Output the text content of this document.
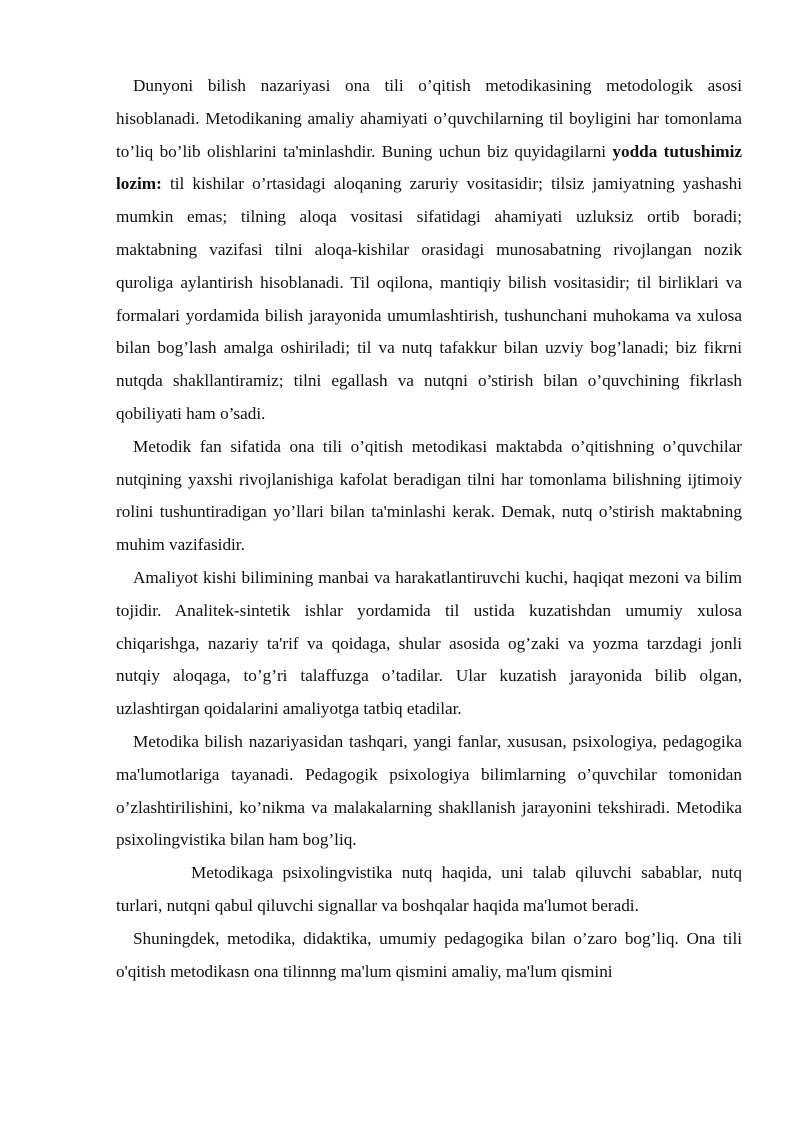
Dunyoni bilish nazariyasi ona tili o’qitish metodikasining metodologik asosi hisoblanadi. Metodikaning amaliy ahamiyati o’quvchilarning til boyligini har tomonlama to’liq bo’lib olishlarini ta'minlashdir. Buning uchun biz quyidagilarni yodda tutushimiz lozim: til kishilar o’rtasidagi aloqaning zaruriy vositasidir; tilsiz jamiyatning yashashi mumkin emas; tilning aloqa vositasi sifatidagi ahamiyati uzluksiz ortib boradi; maktabning vazifasi tilni aloqa-kishilar orasidagi munosabatning rivojlangan nozik quroliga aylantirish hisoblanadi. Til oqilona, mantiqiy bilish vositasidir; til birliklari va formalari yordamida bilish jarayonida umumlashtirish, tushunchani muhokama va xulosa bilan bog’lash amalga oshiriladi; til va nutq tafakkur bilan uzviy bog’lanadi; biz fikrni nutqda shakllantiramiz; tilni egallash va nutqni o’stirish bilan o’quvchining fikrlash qobiliyati ham o’sadi.

Metodik fan sifatida ona tili o’qitish metodikasi maktabda o’qitishning o’quvchilar nutqining yaxshi rivojlanishiga kafolat beradigan tilni har tomonlama bilishning ijtimoiy rolini tushuntiradigan yo’llari bilan ta'minlashi kerak. Demak, nutq o’stirish maktabning muhim vazifasidir.

Amaliyot kishi bilimining manbai va harakatlantiruvchi kuchi, haqiqat mezoni va bilim tojidir. Analitek-sintetik ishlar yordamida til ustida kuzatishdan umumiy xulosa chiqarishga, nazariy ta'rif va qoidaga, shular asosida og’zaki va yozma tarzdagi jonli nutqiy aloqaga, to’g’ri talaffuzga o’tadilar. Ular kuzatish jarayonida bilib olgan, uzlashtirgan qoidalarini amaliyotga tatbiq etadilar.

Metodika bilish nazariyasidan tashqari, yangi fanlar, xususan, psixologiya, pedagogika ma'lumotlariga tayanadi. Pedagogik psixologiya bilimlarning o’quvchilar tomonidan o’zlashtirilishini, ko’nikma va malakalarning shakllanish jarayonini tekshiradi. Metodika psixolingvistika bilan ham bog’liq.

Metodikaga psixolingvistika nutq haqida, uni talab qiluvchi sabablar, nutq turlari, nutqni qabul qiluvchi signallar va boshqalar haqida ma'lumot beradi.

Shuningdek, metodika, didaktika, umumiy pedagogika bilan o’zaro bog’liq. Ona tili o'qitish metodikasn ona tilinnng ma'lum qismini amaliy, ma'lum qismini
